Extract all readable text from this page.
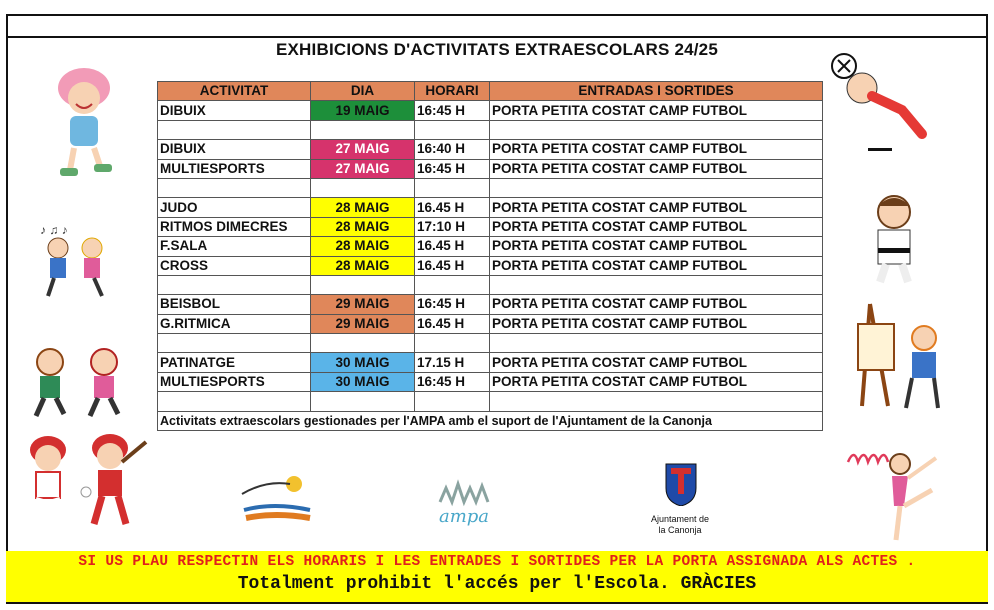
EXHIBICIONS D'ACTIVITATS EXTRAESCOLARS 24/25
ACTIVITAT	DIA	HORARI	ENTRADAS I SORTIDES
DIBUIX	19 MAIG	16:45 H	PORTA PETITA COSTAT CAMP FUTBOL

DIBUIX	27 MAIG	16:40 H	PORTA PETITA COSTAT CAMP FUTBOL
MULTIESPORTS	27 MAIG	16:45 H	PORTA PETITA COSTAT CAMP FUTBOL

JUDO	28 MAIG	16.45 H	PORTA PETITA COSTAT CAMP FUTBOL
RITMOS DIMECRES	28 MAIG	17:10 H	PORTA PETITA COSTAT CAMP FUTBOL
F.SALA	28 MAIG	16.45 H	PORTA PETITA COSTAT CAMP FUTBOL
CROSS	28 MAIG	16.45 H	PORTA PETITA COSTAT CAMP FUTBOL

BEISBOL	29 MAIG	16:45 H	PORTA PETITA COSTAT CAMP FUTBOL
G.RITMICA	29 MAIG	16.45 H	PORTA PETITA COSTAT CAMP FUTBOL

PATINATGE	30 MAIG	17.15 H	PORTA PETITA COSTAT CAMP FUTBOL
MULTIESPORTS	30 MAIG	16:45 H	PORTA PETITA COSTAT CAMP FUTBOL

Activitats extraescolars gestionades per l'AMPA amb el suport de l'Ajuntament de la Canonja			
♪ ♫ ♪
ampa	Ajuntament de
la Canonja
SI US PLAU RESPECTIN ELS HORARIS I LES ENTRADES I SORTIDES PER LA PORTA ASSIGNADA ALS ACTES .
Totalment prohibit l'accés per l'Escola. GRÀCIES
